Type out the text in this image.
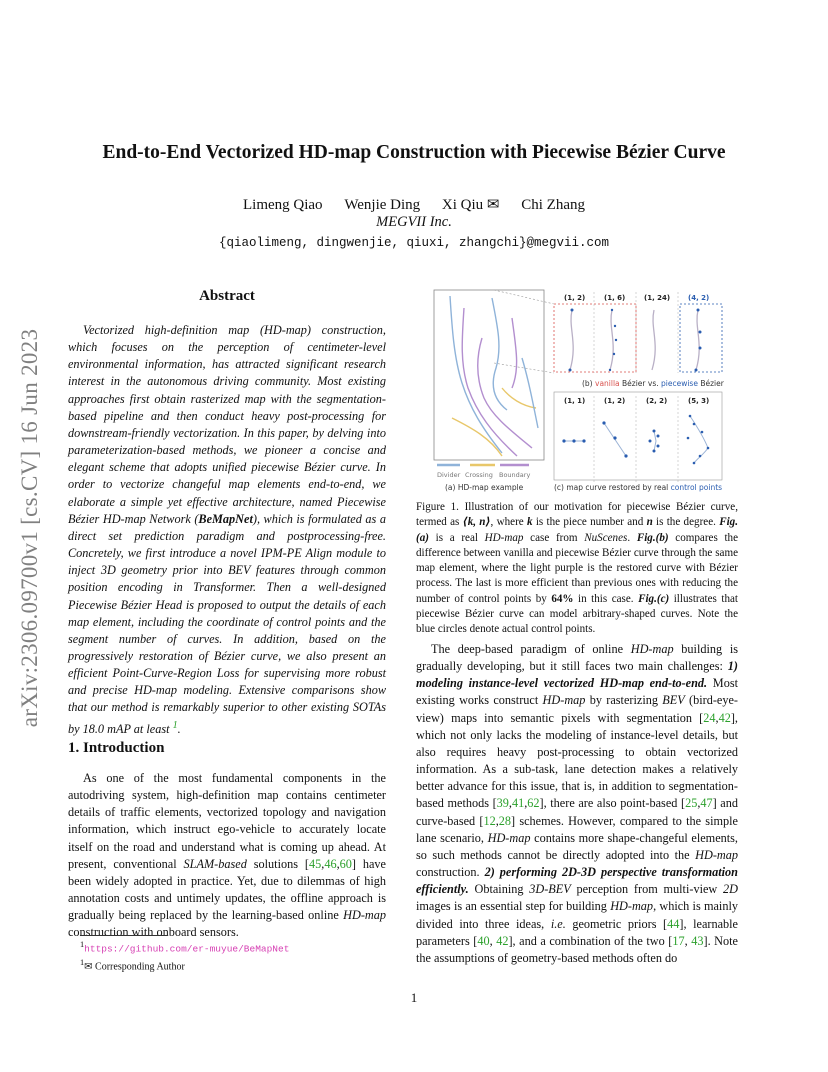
arXiv:2306.09700v1 [cs.CV] 16 Jun 2023
End-to-End Vectorized HD-map Construction with Piecewise Bézier Curve
Limeng Qiao Wenjie Ding Xi Qiu ✉ Chi Zhang
MEGVII Inc.
{qiaolimeng, dingwenjie, qiuxi, zhangchi}@megvii.com
Abstract

Vectorized high-definition map (HD-map) construction, which focuses on the perception of centimeter-level environmental information, has attracted significant research interest in the autonomous driving community. Most existing approaches first obtain rasterized map with the segmentation-based pipeline and then conduct heavy post-processing for downstream-friendly vectorization. In this paper, by delving into parameterization-based methods, we pioneer a concise and elegant scheme that adopts unified piecewise Bézier curve. In order to vectorize changeful map elements end-to-end, we elaborate a simple yet effective architecture, named Piecewise Bézier HD-map Network (BeMapNet), which is formulated as a direct set prediction paradigm and postprocessing-free. Concretely, we first introduce a novel IPM-PE Align module to inject 3D geometry prior into BEV features through common position encoding in Transformer. Then a well-designed Piecewise Bézier Head is proposed to output the details of each map element, including the coordinate of control points and the segment number of curves. In addition, based on the progressively restoration of Bézier curve, we also present an efficient Point-Curve-Region Loss for supervising more robust and precise HD-map modeling. Extensive comparisons show that our method is remarkably superior to other existing SOTAs by 18.0 mAP at least $^1$.

1. Introduction

As one of the most fundamental components in the autodriving system, high-definition map contains centimeter details of traffic elements, vectorized topology and navigation information, which instruct ego-vehicle to accurately locate itself on the road and understand what is coming up ahead. At present, conventional SLAM-based solutions [45,46,60] have been widely adopted in practice. Yet, due to dilemmas of high annotation costs and untimely updates, the offline approach is gradually being replaced by the learning-based online HD-map construction with onboard sensors.

$^1$https://github.com/er-muyue/BeMapNet
$^1$✉ Corresponding Author
Divider Crossing Boundary
(a) HD-map example
(1, 2)	(1, 6)	(1, 24)	(4, 2)
(b) vanilla Bézier vs. piecewise Bézier
(1, 1)	(1, 2)	(2, 2)	(5, 3)
(c) map curve restored by real control points

Figure 1. Illustration of our motivation for piecewise Bézier curve, termed as ⟨k, n⟩, where k is the piece number and n is the degree. Fig.(a) is a real HD-map case from NuScenes. Fig.(b) compares the difference between vanilla and piecewise Bézier curve through the same map element, where the light purple is the restored curve with Bézier process. The last is more efficient than previous ones with reducing the number of control points by 64% in this case. Fig.(c) illustrates that piecewise Bézier curve can model arbitrary-shaped curves. Note the blue circles denote actual control points.

The deep-based paradigm of online HD-map building is gradually developing, but it still faces two main challenges: 1) modeling instance-level vectorized HD-map end-to-end. Most existing works construct HD-map by rasterizing BEV (bird-eye-view) maps into semantic pixels with segmentation [24,42], which not only lacks the modeling of instance-level details, but also requires heavy post-processing to obtain vectorized information. As a sub-task, lane detection makes a relatively better advance for this issue, that is, in addition to segmentation-based methods [39,41,62], there are also point-based [25,47] and curve-based [12,28] schemes. However, compared to the simple lane scenario, HD-map contains more shape-changeful elements, so such methods cannot be directly adopted into the HD-map construction. 2) performing 2D-3D perspective transformation efficiently. Obtaining 3D-BEV perception from multi-view 2D images is an essential step for building HD-map, which is mainly divided into three ideas, i.e. geometric priors [44], learnable parameters [40, 42], and a combination of the two [17, 43]. Note the assumptions of geometry-based methods often do

1
